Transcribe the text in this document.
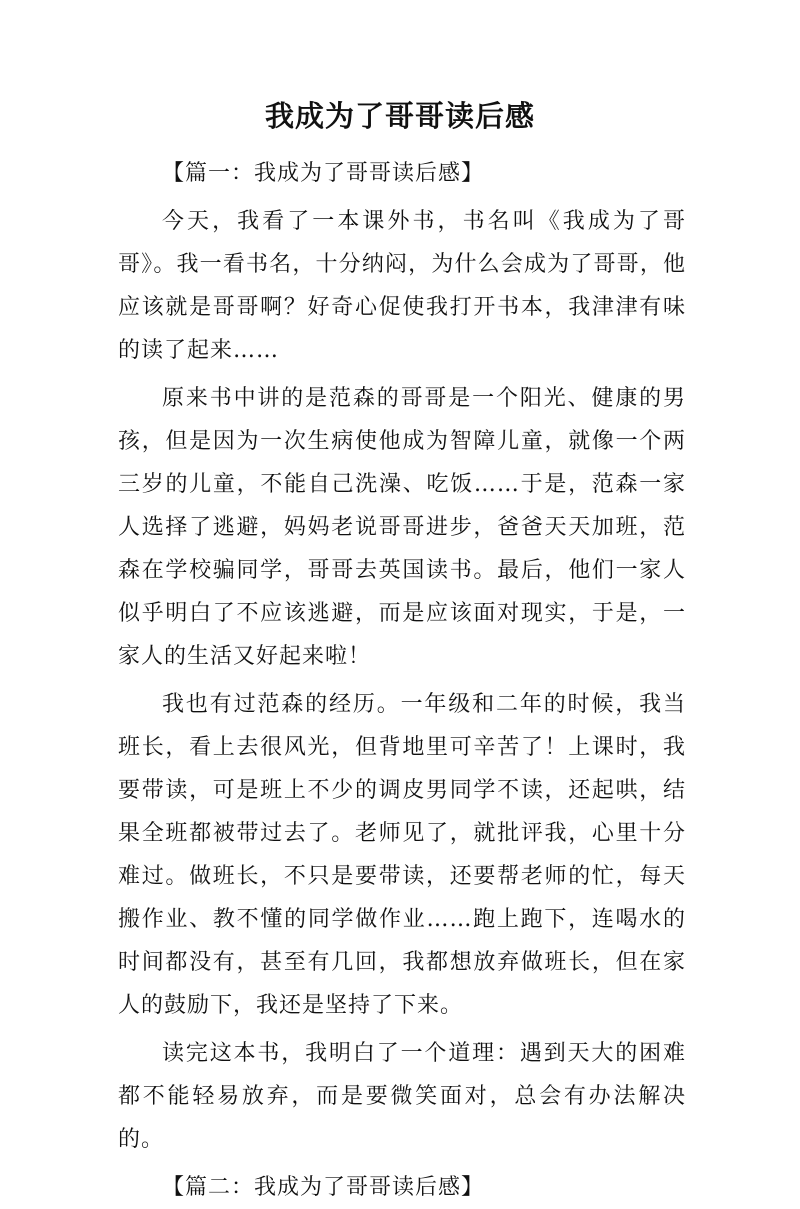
我成为了哥哥读后感

【篇一：我成为了哥哥读后感】

今天，我看了一本课外书，书名叫《我成为了哥哥》。我一看书名，十分纳闷，为什么会成为了哥哥，他应该就是哥哥啊？好奇心促使我打开书本，我津津有味的读了起来……

原来书中讲的是范森的哥哥是一个阳光、健康的男孩，但是因为一次生病使他成为智障儿童，就像一个两三岁的儿童，不能自己洗澡、吃饭……于是，范森一家人选择了逃避，妈妈老说哥哥进步，爸爸天天加班，范森在学校骗同学，哥哥去英国读书。最后，他们一家人似乎明白了不应该逃避，而是应该面对现实，于是，一家人的生活又好起来啦！

我也有过范森的经历。一年级和二年的时候，我当班长，看上去很风光，但背地里可辛苦了！上课时，我要带读，可是班上不少的调皮男同学不读，还起哄，结果全班都被带过去了。老师见了，就批评我，心里十分难过。做班长，不只是要带读，还要帮老师的忙，每天搬作业、教不懂的同学做作业……跑上跑下，连喝水的时间都没有，甚至有几回，我都想放弃做班长，但在家人的鼓励下，我还是坚持了下来。

读完这本书，我明白了一个道理：遇到天大的困难都不能轻易放弃，而是要微笑面对，总会有办法解决的。

【篇二：我成为了哥哥读后感】
